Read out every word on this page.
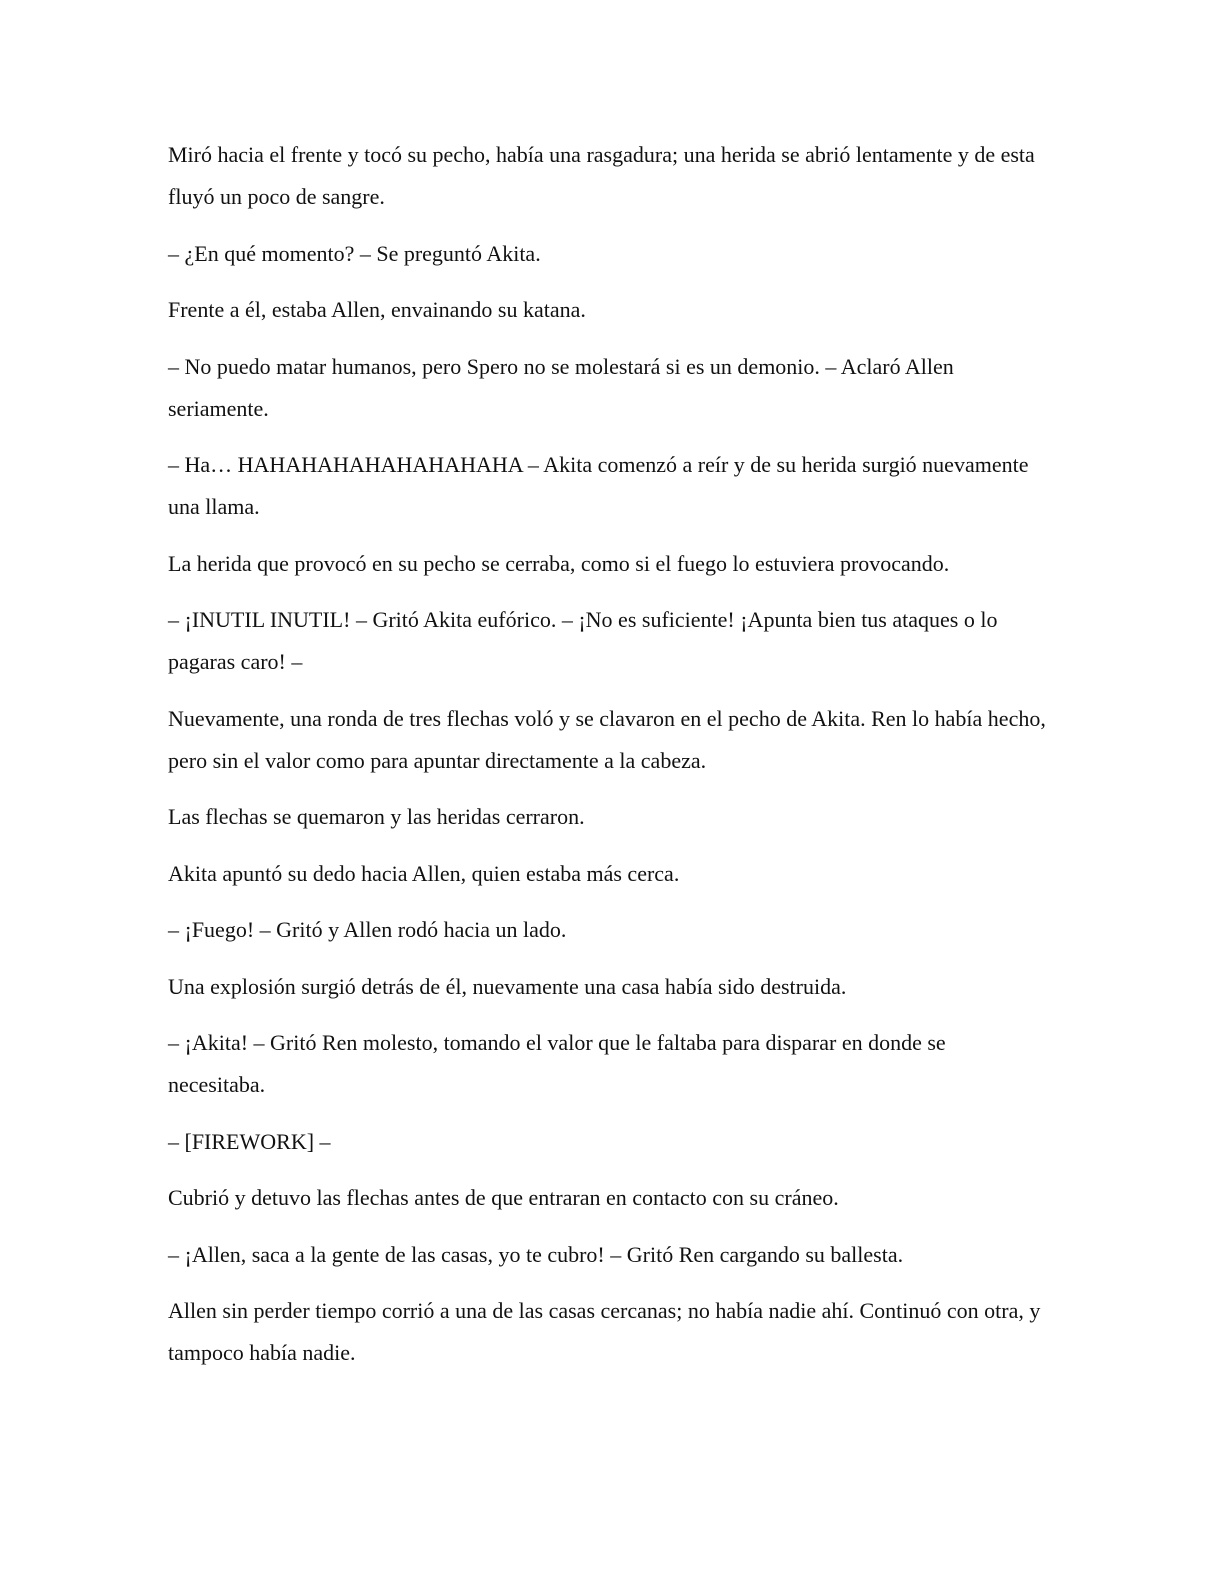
Miró hacia el frente y tocó su pecho, había una rasgadura; una herida se abrió lentamente y de esta fluyó un poco de sangre.

– ¿En qué momento? – Se preguntó Akita.

Frente a él, estaba Allen, envainando su katana.

– No puedo matar humanos, pero Spero no se molestará si es un demonio. – Aclaró Allen seriamente.

– Ha… HAHAHAHAHAHAHAHAHA – Akita comenzó a reír y de su herida surgió nuevamente una llama.

La herida que provocó en su pecho se cerraba, como si el fuego lo estuviera provocando.

– ¡INUTIL INUTIL! – Gritó Akita eufórico. – ¡No es suficiente! ¡Apunta bien tus ataques o lo pagaras caro! –

Nuevamente, una ronda de tres flechas voló y se clavaron en el pecho de Akita. Ren lo había hecho, pero sin el valor como para apuntar directamente a la cabeza.

Las flechas se quemaron y las heridas cerraron.

Akita apuntó su dedo hacia Allen, quien estaba más cerca.

– ¡Fuego! – Gritó y Allen rodó hacia un lado.

Una explosión surgió detrás de él, nuevamente una casa había sido destruida.

– ¡Akita! – Gritó Ren molesto, tomando el valor que le faltaba para disparar en donde se necesitaba.

– [FIREWORK] –

Cubrió y detuvo las flechas antes de que entraran en contacto con su cráneo.

– ¡Allen, saca a la gente de las casas, yo te cubro! – Gritó Ren cargando su ballesta.

Allen sin perder tiempo corrió a una de las casas cercanas; no había nadie ahí. Continuó con otra, y tampoco había nadie.
